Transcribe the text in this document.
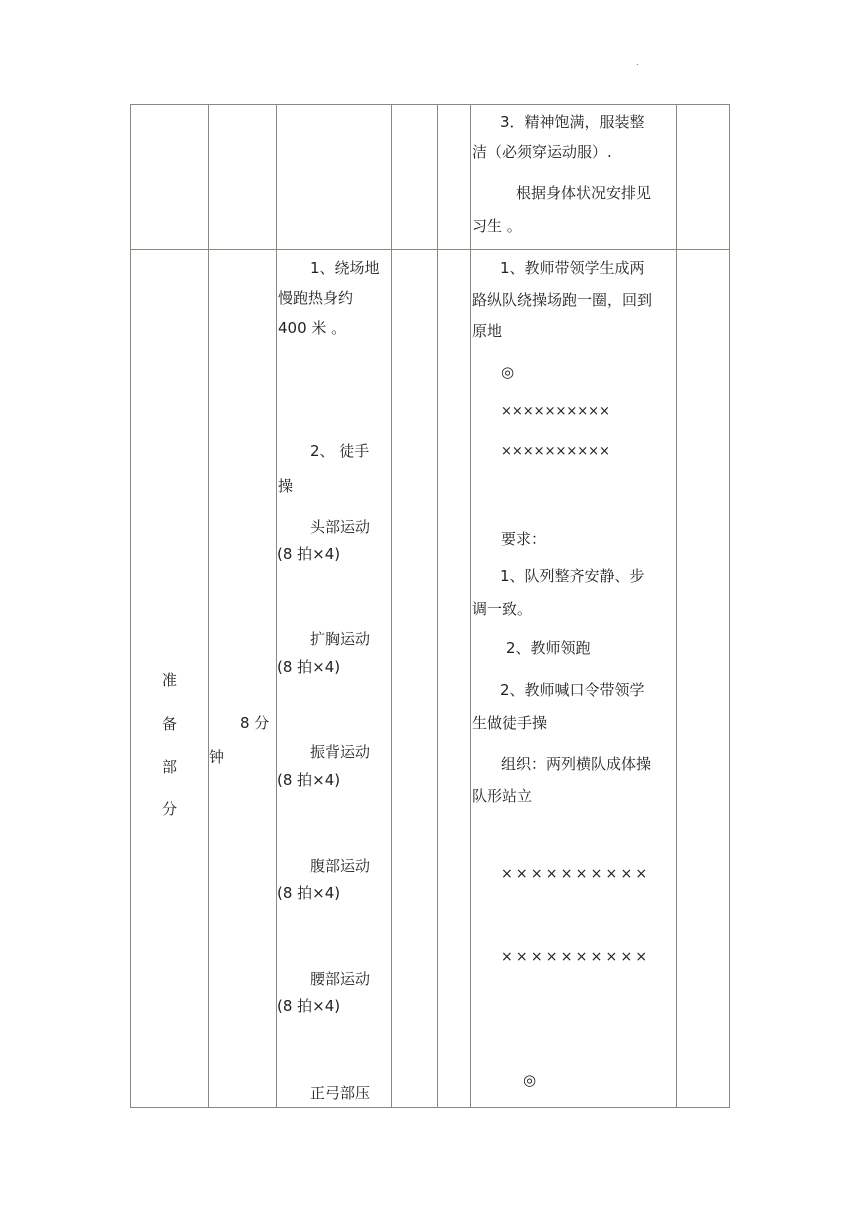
.
3．精神饱满，服装整
洁（必须穿运动服）.
根据身体状况安排见
习生 。
准
备
部
分
8 分
钟
1、绕场地
慢跑热身约
400 米 。
2、 徒手
操
头部运动
(8 拍×4)
扩胸运动
(8 拍×4)
振背运动
(8 拍×4)
腹部运动
(8 拍×4)
腰部运动
(8 拍×4)
正弓部压
1、教师带领学生成两
路纵队绕操场跑一圈，回到
原地
◎
××××××××××
××××××××××
要求：
1、队列整齐安静、步
调一致。
2、教师领跑
2、教师喊口令带领学
生做徒手操
组织：两列横队成体操
队形站立
××××××××××
××××××××××
◎
